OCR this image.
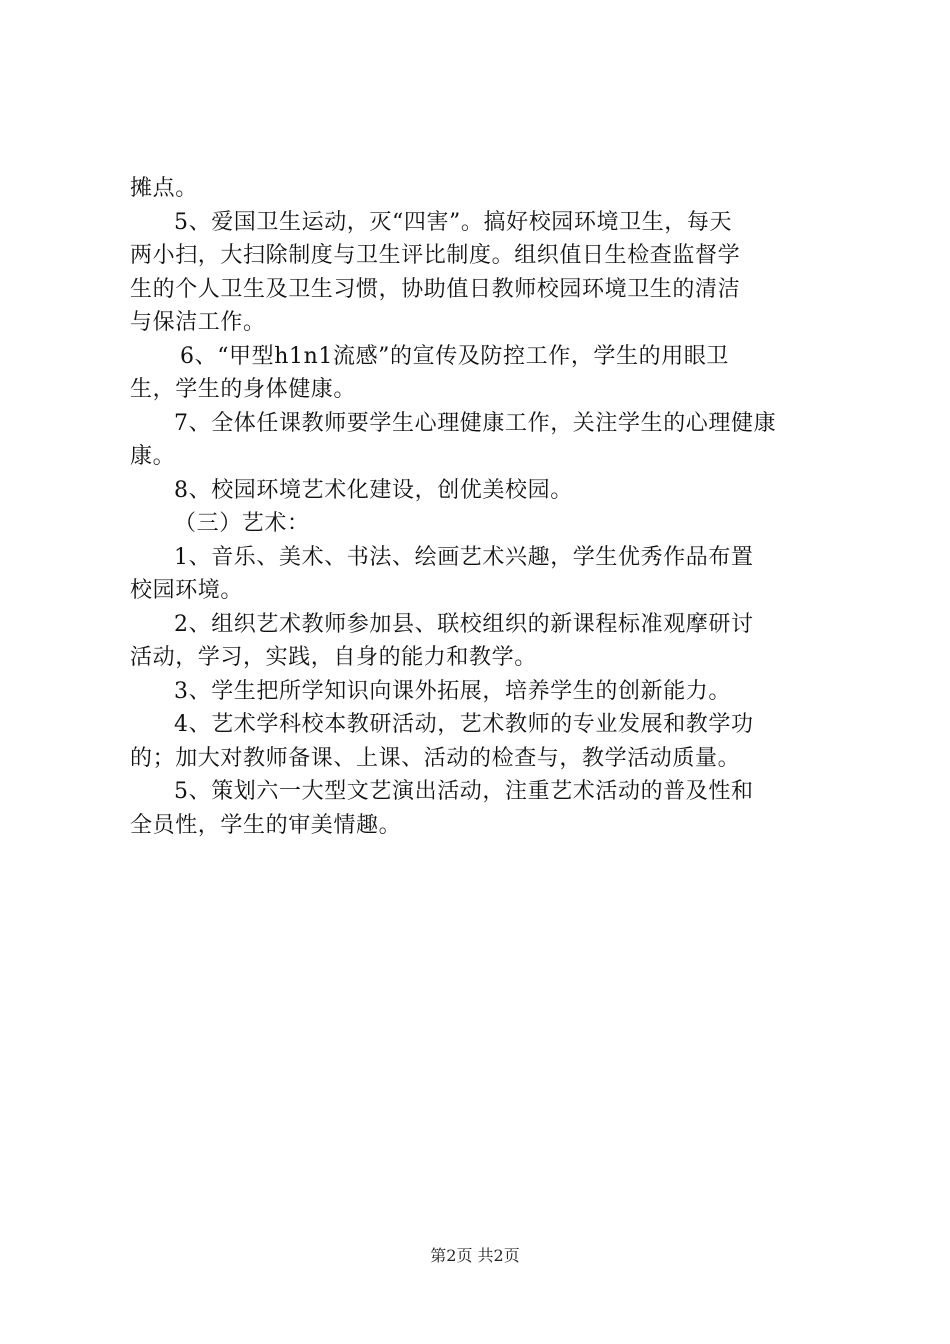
摊点。
5、爱国卫生运动，灭“四害”。搞好校园环境卫生，每天
两小扫，大扫除制度与卫生评比制度。组织值日生检查监督学
生的个人卫生及卫生习惯，协助值日教师校园环境卫生的清洁
与保洁工作。
6、“甲型h1n1流感”的宣传及防控工作，学生的用眼卫
生，学生的身体健康。
7、全体任课教师要学生心理健康工作，关注学生的心理健康
康。
8、校园环境艺术化建设，创优美校园。
（三）艺术：
1、音乐、美术、书法、绘画艺术兴趣，学生优秀作品布置
校园环境。
2、组织艺术教师参加县、联校组织的新课程标准观摩研讨
活动，学习，实践，自身的能力和教学。
3、学生把所学知识向课外拓展，培养学生的创新能力。
4、艺术学科校本教研活动，艺术教师的专业发展和教学功
的；加大对教师备课、上课、活动的检查与，教学活动质量。
5、策划六一大型文艺演出活动，注重艺术活动的普及性和
全员性，学生的审美情趣。
第2页 共2页
